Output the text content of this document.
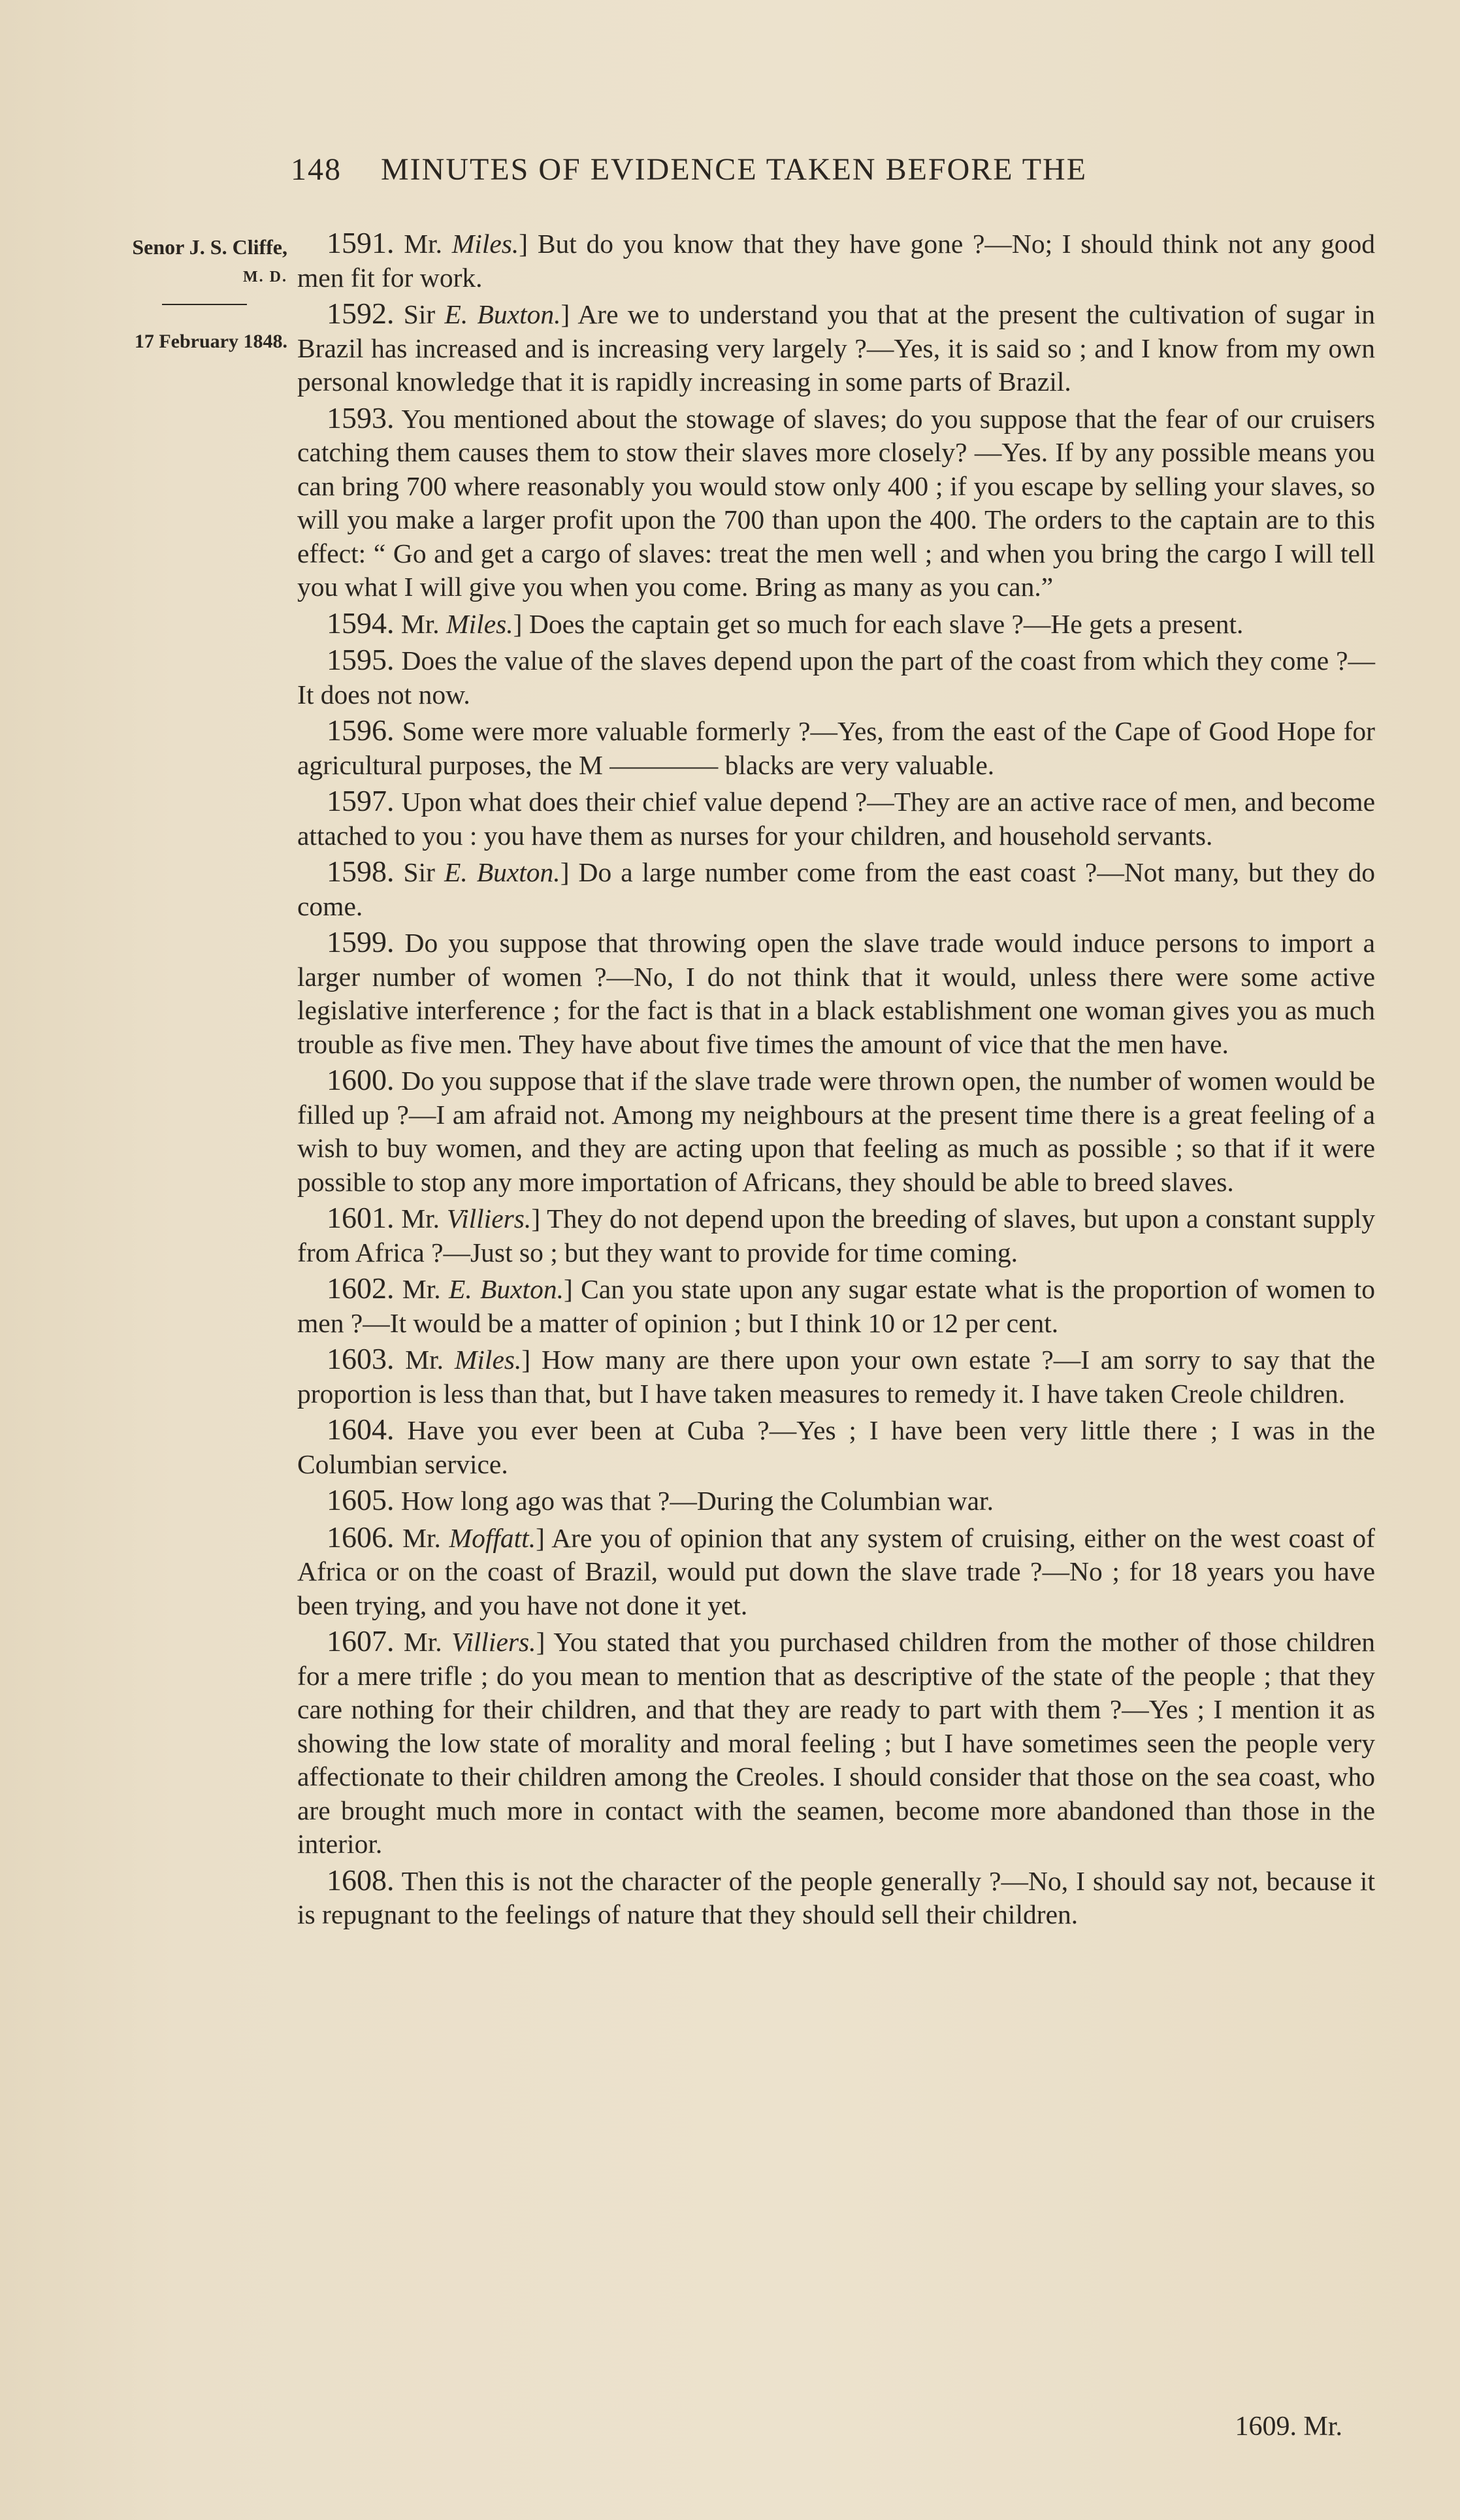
148 MINUTES OF EVIDENCE TAKEN BEFORE THE
Senor J. S. Cliffe,
M. D.
17 February 1848.

1591. Mr. Miles.] But do you know that they have gone ?—No; I should think not any good men fit for work.

1592. Sir E. Buxton.] Are we to understand you that at the present the cultivation of sugar in Brazil has increased and is increasing very largely ?—Yes, it is said so ; and I know from my own personal knowledge that it is rapidly increasing in some parts of Brazil.

1593. You mentioned about the stowage of slaves; do you suppose that the fear of our cruisers catching them causes them to stow their slaves more closely? —Yes. If by any possible means you can bring 700 where reasonably you would stow only 400 ; if you escape by selling your slaves, so will you make a larger profit upon the 700 than upon the 400. The orders to the captain are to this effect: “ Go and get a cargo of slaves: treat the men well ; and when you bring the cargo I will tell you what I will give you when you come. Bring as many as you can.”

1594. Mr. Miles.] Does the captain get so much for each slave ?—He gets a present.

1595. Does the value of the slaves depend upon the part of the coast from which they come ?—It does not now.

1596. Some were more valuable formerly ?—Yes, from the east of the Cape of Good Hope for agricultural purposes, the M ———— blacks are very valuable.

1597. Upon what does their chief value depend ?—They are an active race of men, and become attached to you : you have them as nurses for your children, and household servants.

1598. Sir E. Buxton.] Do a large number come from the east coast ?—Not many, but they do come.

1599. Do you suppose that throwing open the slave trade would induce persons to import a larger number of women ?—No, I do not think that it would, unless there were some active legislative interference ; for the fact is that in a black establishment one woman gives you as much trouble as five men. They have about five times the amount of vice that the men have.

1600. Do you suppose that if the slave trade were thrown open, the number of women would be filled up ?—I am afraid not. Among my neighbours at the present time there is a great feeling of a wish to buy women, and they are acting upon that feeling as much as possible ; so that if it were possible to stop any more importation of Africans, they should be able to breed slaves.

1601. Mr. Villiers.] They do not depend upon the breeding of slaves, but upon a constant supply from Africa ?—Just so ; but they want to provide for time coming.

1602. Mr. E. Buxton.] Can you state upon any sugar estate what is the proportion of women to men ?—It would be a matter of opinion ; but I think 10 or 12 per cent.

1603. Mr. Miles.] How many are there upon your own estate ?—I am sorry to say that the proportion is less than that, but I have taken measures to remedy it. I have taken Creole children.

1604. Have you ever been at Cuba ?—Yes ; I have been very little there ; I was in the Columbian service.

1605. How long ago was that ?—During the Columbian war.

1606. Mr. Moffatt.] Are you of opinion that any system of cruising, either on the west coast of Africa or on the coast of Brazil, would put down the slave trade ?—No ; for 18 years you have been trying, and you have not done it yet.

1607. Mr. Villiers.] You stated that you purchased children from the mother of those children for a mere trifle ; do you mean to mention that as descriptive of the state of the people ; that they care nothing for their children, and that they are ready to part with them ?—Yes ; I mention it as showing the low state of morality and moral feeling ; but I have sometimes seen the people very affectionate to their children among the Creoles. I should consider that those on the sea coast, who are brought much more in contact with the seamen, become more abandoned than those in the interior.

1608. Then this is not the character of the people generally ?—No, I should say not, because it is repugnant to the feelings of nature that they should sell their children.

1609. Mr.
